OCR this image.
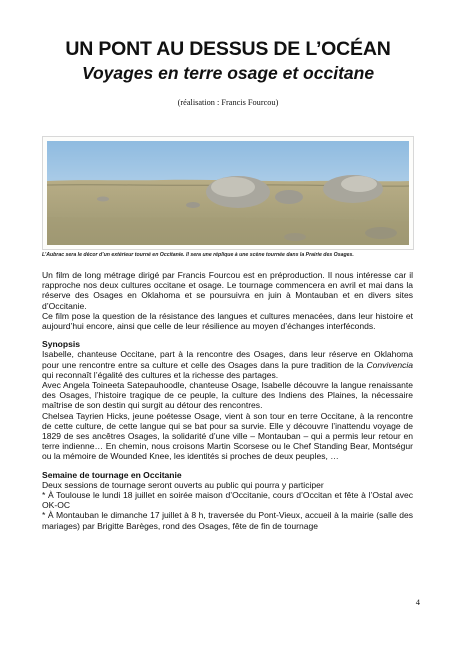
UN PONT AU DESSUS DE L’OCÉAN
Voyages en terre osage et occitane
(réalisation : Francis Fourcou)
L’Aubrac sera le décor d’un extérieur tourné en Occitanie. Il sera une réplique à une scène tournée dans la Prairie des Osages.

Un film de long métrage dirigé par Francis Fourcou est en préproduction. Il nous intéresse car il rapproche nos deux cultures occitane et osage. Le tournage commencera en avril et mai dans la réserve des Osages en Oklahoma et se poursuivra en juin à Montauban et en divers sites d’Occitanie.

Ce film pose la question de la résistance des langues et cultures menacées, dans leur histoire et aujourd’hui encore, ainsi que celle de leur résilience au moyen d’échanges interféconds.

Synopsis

Isabelle, chanteuse Occitane, part à la rencontre des Osages, dans leur réserve en Oklahoma pour une rencontre entre sa culture et celle des Osages dans la pure tradition de la Convivencia qui reconnaît l’égalité des cultures et la richesse des partages.

Avec Angela Toineeta Satepauhoodle, chanteuse Osage, Isabelle découvre la langue renaissante des Osages, l’histoire tragique de ce peuple, la culture des Indiens des Plaines, la nécessaire maîtrise de son destin qui surgit au détour des rencontres.

Chelsea Tayrien Hicks, jeune poétesse Osage, vient à son tour en terre Occitane, à la rencontre de cette culture, de cette langue qui se bat pour sa survie. Elle y découvre l’inattendu voyage de 1829 de ses ancêtres Osages, la solidarité d’une ville – Montauban – qui a permis leur retour en terre indienne… En chemin, nous croisons Martin Scorsese ou le Chef Standing Bear, Montségur ou la mémoire de Wounded Knee, les identités si proches de deux peuples, …

Semaine de tournage en Occitanie

Deux sessions de tournage seront ouverts au public qui pourra y participer

* À Toulouse le lundi 18 juillet en soirée maison d’Occitanie, cours d’Occitan et fête à l’Ostal avec OK-OC

* À Montauban le dimanche 17 juillet à 8 h, traversée du Pont-Vieux, accueil à la mairie (salle des mariages) par Brigitte Barèges, rond des Osages, fête de fin de tournage

4
